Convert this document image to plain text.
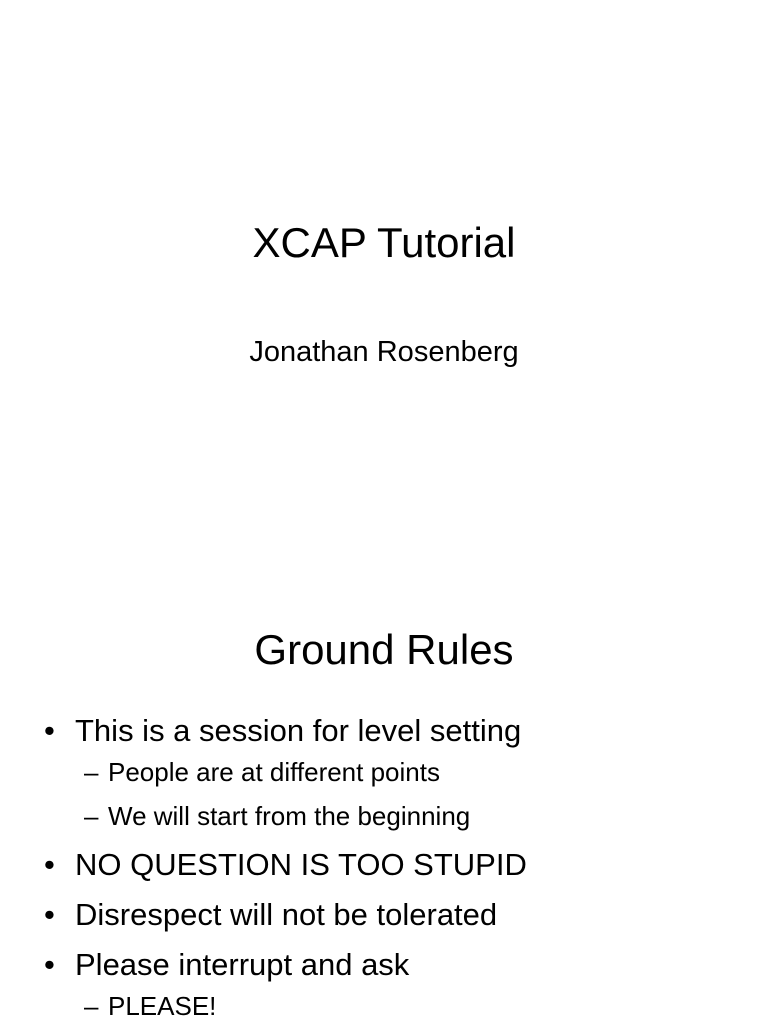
XCAP Tutorial
Jonathan Rosenberg
Ground Rules
• This is a session for level setting
– People are at different points
– We will start from the beginning
• NO QUESTION IS TOO STUPID
• Disrespect will not be tolerated
• Please interrupt and ask
– PLEASE!
